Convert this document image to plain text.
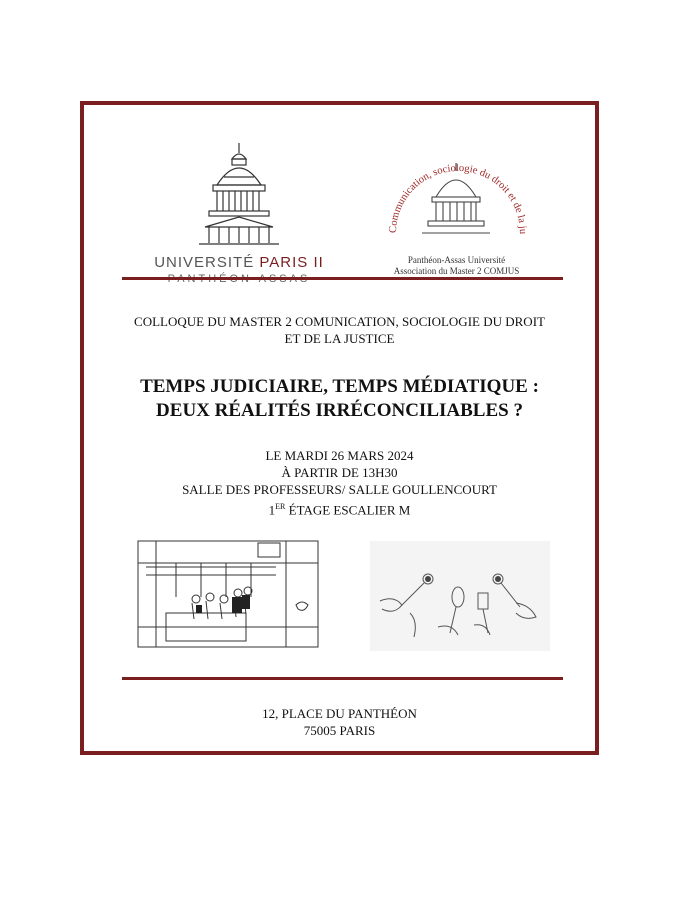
UNIVERSITÉ PARIS II
Communication, sociologie du droit et de la ju
Panthéon-Assas Université
Association du Master 2 COMJUS
COLLOQUE DU MASTER 2 COMUNICATION, SOCIOLOGIE DU DROIT
ET DE LA JUSTICE
TEMPS JUDICIAIRE, TEMPS MÉDIATIQUE :
DEUX RÉALITÉS IRRÉCONCILIABLES ?
LE MARDI 26 MARS 2024
À PARTIR DE 13H30
SALLE DES PROFESSEURS/ SALLE GOULLENCOURT
1ER ÉTAGE ESCALIER M
12, PLACE DU PANTHÉON
75005 PARIS
